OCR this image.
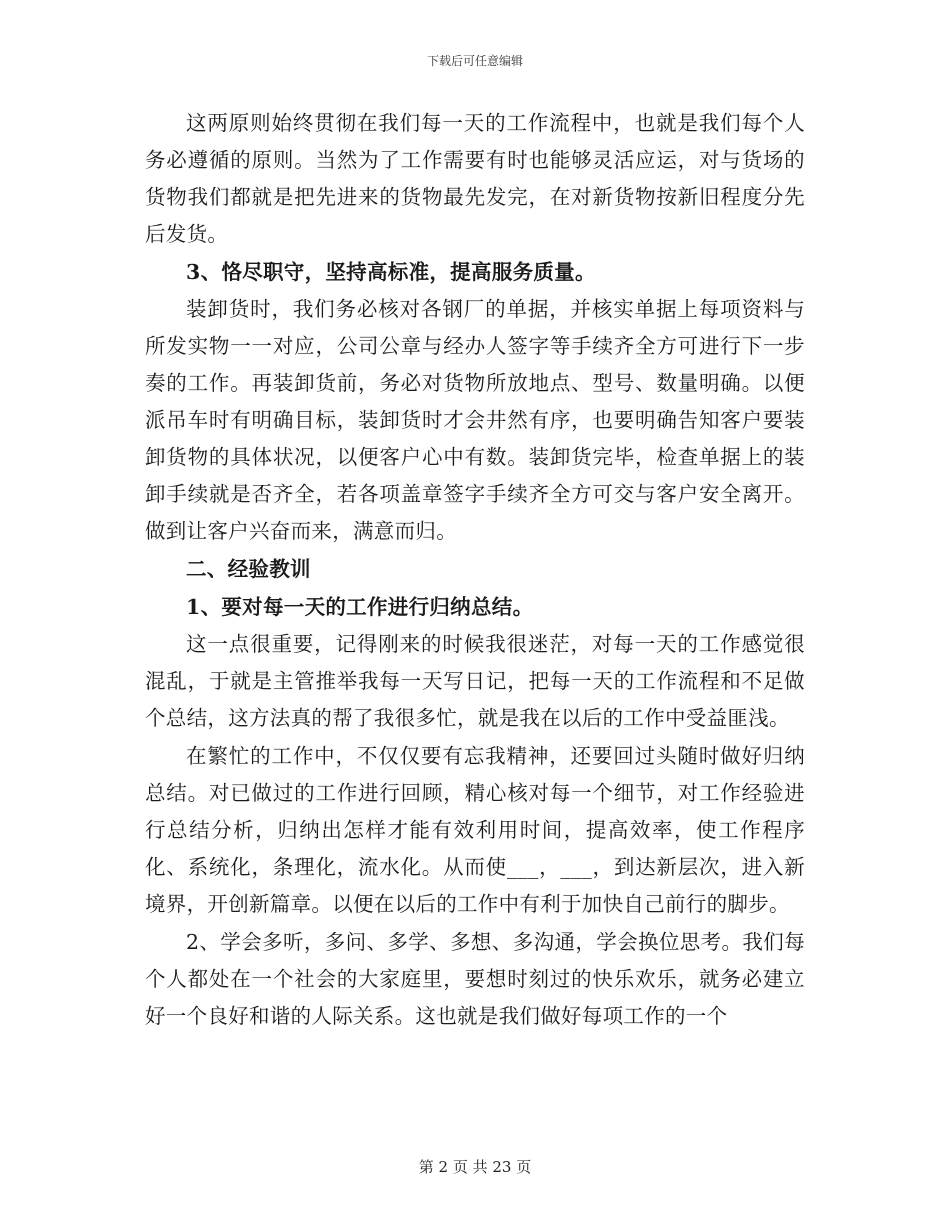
下载后可任意编辑

这两原则始终贯彻在我们每一天的工作流程中，也就是我们每个人务必遵循的原则。当然为了工作需要有时也能够灵活应运，对与货场的货物我们都就是把先进来的货物最先发完，在对新货物按新旧程度分先后发货。

3、恪尽职守，坚持高标准，提高服务质量。

装卸货时，我们务必核对各钢厂的单据，并核实单据上每项资料与所发实物一一对应，公司公章与经办人签字等手续齐全方可进行下一步奏的工作。再装卸货前，务必对货物所放地点、型号、数量明确。以便派吊车时有明确目标，装卸货时才会井然有序，也要明确告知客户要装卸货物的具体状况，以便客户心中有数。装卸货完毕，检查单据上的装卸手续就是否齐全，若各项盖章签字手续齐全方可交与客户安全离开。做到让客户兴奋而来，满意而归。

二、经验教训

1、要对每一天的工作进行归纳总结。

这一点很重要，记得刚来的时候我很迷茫，对每一天的工作感觉很混乱，于就是主管推举我每一天写日记，把每一天的工作流程和不足做个总结，这方法真的帮了我很多忙，就是我在以后的工作中受益匪浅。

在繁忙的工作中，不仅仅要有忘我精神，还要回过头随时做好归纳总结。对已做过的工作进行回顾，精心核对每一个细节，对工作经验进行总结分析，归纳出怎样才能有效利用时间，提高效率，使工作程序化、系统化，条理化，流水化。从而使___，___，到达新层次，进入新境界，开创新篇章。以便在以后的工作中有利于加快自己前行的脚步。

2、学会多听，多问、多学、多想、多沟通，学会换位思考。我们每个人都处在一个社会的大家庭里，要想时刻过的快乐欢乐，就务必建立好一个良好和谐的人际关系。这也就是我们做好每项工作的一个

第 2 页 共 23 页
